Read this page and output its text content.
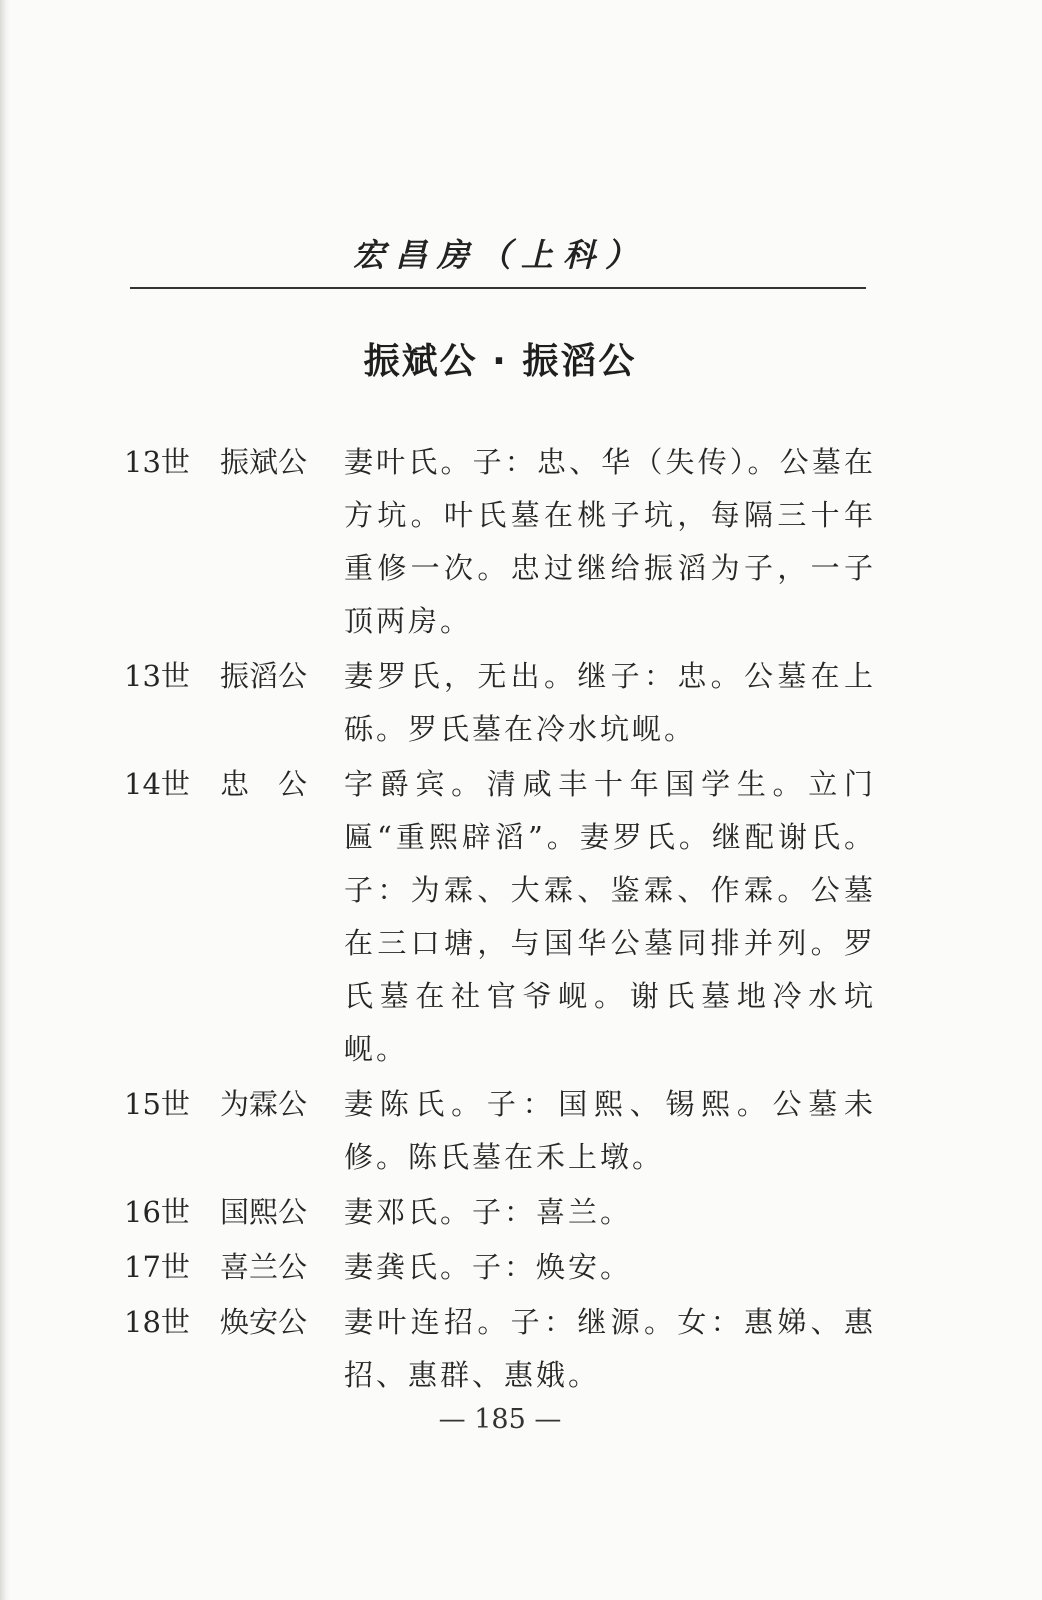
宏昌房（上科）
振斌公 · 振滔公
13世	振斌公	妻叶氏。子：忠、华（失传）。公墓在方坑。叶氏墓在桃子坑，每隔三十年重修一次。忠过继给振滔为子，一子顶两房。
13世	振滔公	妻罗氏，无出。继子：忠。公墓在上砾。罗氏墓在冷水坑岘。
14世	忠　公	字爵宾。清咸丰十年国学生。立门匾“重熙辟滔”。妻罗氏。继配谢氏。子：为霖、大霖、鉴霖、作霖。公墓在三口塘，与国华公墓同排并列。罗氏墓在社官爷岘。谢氏墓地冷水坑岘。
15世	为霖公	妻陈氏。子：国熙、锡熙。公墓未修。陈氏墓在禾上墩。
16世	国熙公	妻邓氏。子：喜兰。
17世	喜兰公	妻龚氏。子：焕安。
18世	焕安公	妻叶连招。子：继源。女：惠娣、惠招、惠群、惠娥。
— 185 —
